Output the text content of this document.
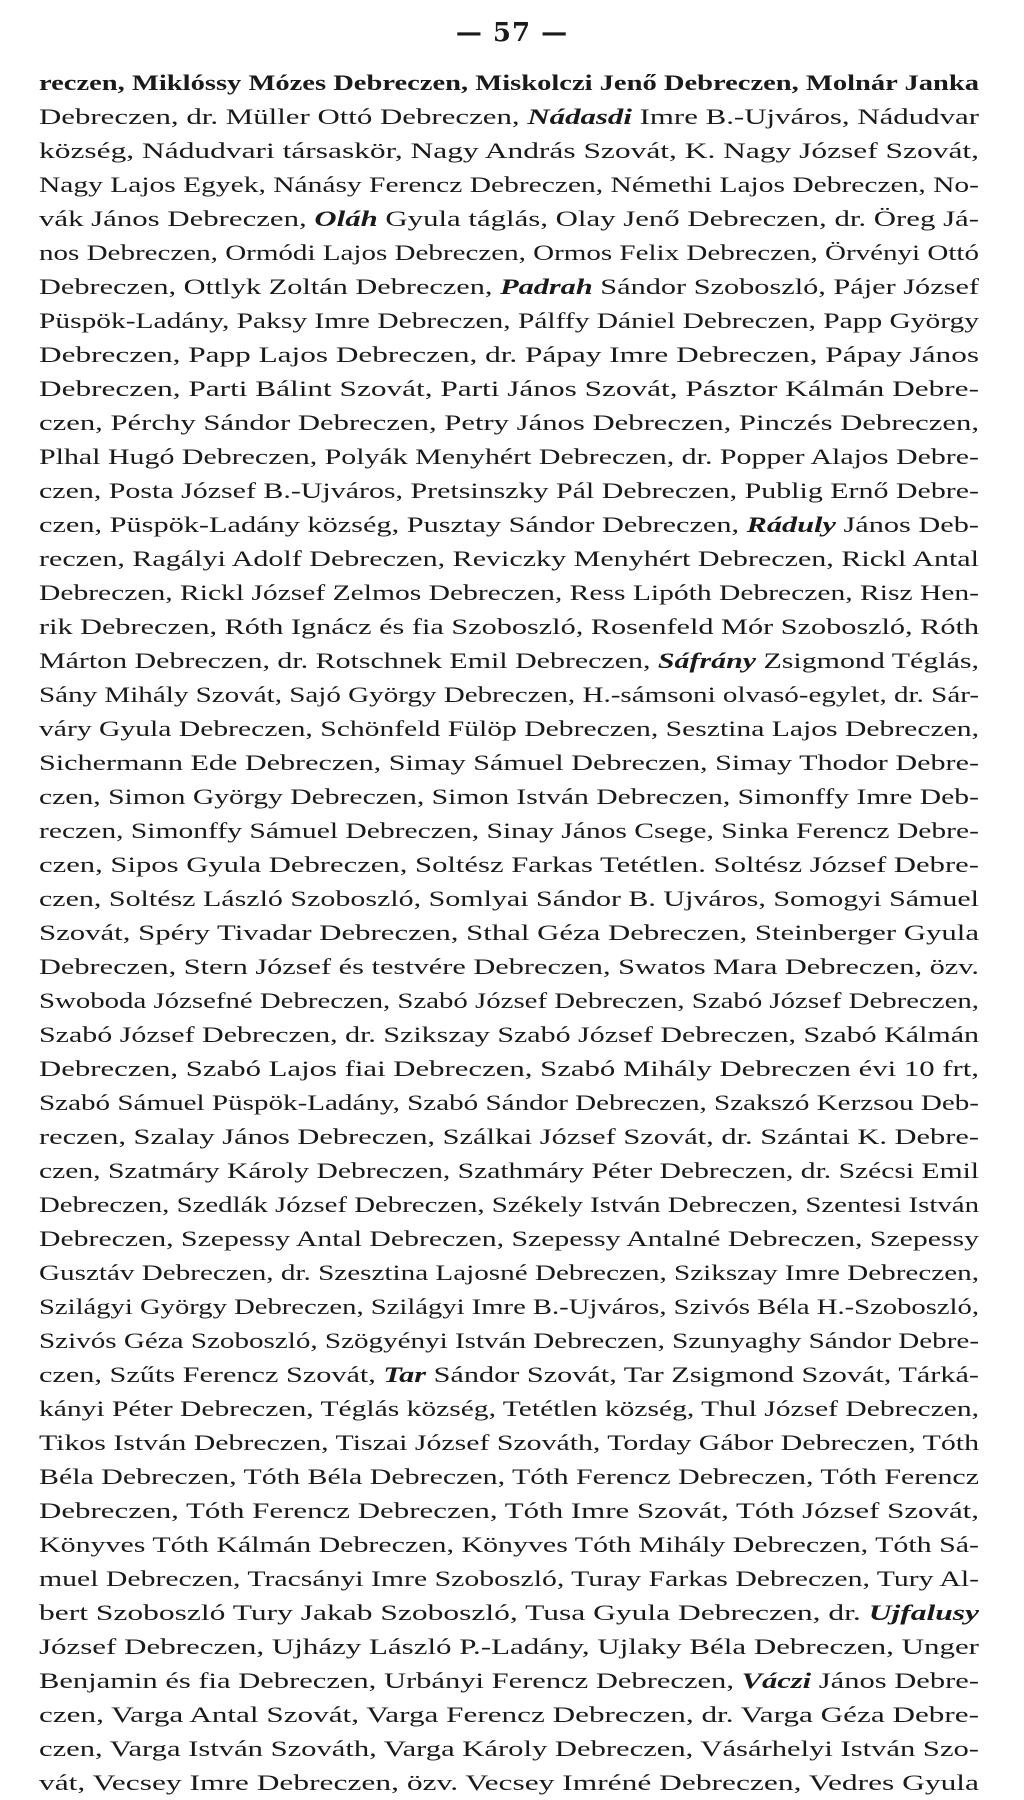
— 57 —
reczen, Miklóssy Mózes Debreczen, Miskolczi Jenő Debreczen, Molnár Janka
Debreczen, dr. Müller Ottó Debreczen, Nádasdi Imre B.-Ujváros, Nádudvar
község, Nádudvari társaskör, Nagy András Szovát, K. Nagy József Szovát,
Nagy Lajos Egyek, Nánásy Ferencz Debreczen, Némethi Lajos Debreczen, No-
vák János Debreczen, Oláh Gyula táglás, Olay Jenő Debreczen, dr. Öreg Já-
nos Debreczen, Ormódi Lajos Debreczen, Ormos Felix Debreczen, Örvényi Ottó
Debreczen, Ottlyk Zoltán Debreczen, Padrah Sándor Szoboszló, Pájer József
Püspök-Ladány, Paksy Imre Debreczen, Pálffy Dániel Debreczen, Papp György
Debreczen, Papp Lajos Debreczen, dr. Pápay Imre Debreczen, Pápay János
Debreczen, Parti Bálint Szovát, Parti János Szovát, Pásztor Kálmán Debre-
czen, Pérchy Sándor Debreczen, Petry János Debreczen, Pinczés Debreczen,
Plhal Hugó Debreczen, Polyák Menyhért Debreczen, dr. Popper Alajos Debre-
czen, Posta József B.-Ujváros, Pretsinszky Pál Debreczen, Publig Ernő Debre-
czen, Püspök-Ladány község, Pusztay Sándor Debreczen, Ráduly János Deb-
reczen, Ragályi Adolf Debreczen, Reviczky Menyhért Debreczen, Rickl Antal
Debreczen, Rickl József Zelmos Debreczen, Ress Lipóth Debreczen, Risz Hen-
rik Debreczen, Róth Ignácz és fia Szoboszló, Rosenfeld Mór Szoboszló, Róth
Márton Debreczen, dr. Rotschnek Emil Debreczen, Sáfrány Zsigmond Téglás,
Sány Mihály Szovát, Sajó György Debreczen, H.-sámsoni olvasó-egylet, dr. Sár-
váry Gyula Debreczen, Schönfeld Fülöp Debreczen, Sesztina Lajos Debreczen,
Sichermann Ede Debreczen, Simay Sámuel Debreczen, Simay Thodor Debre-
czen, Simon György Debreczen, Simon István Debreczen, Simonffy Imre Deb-
reczen, Simonffy Sámuel Debreczen, Sinay János Csege, Sinka Ferencz Debre-
czen, Sipos Gyula Debreczen, Soltész Farkas Tetétlen. Soltész József Debre-
czen, Soltész László Szoboszló, Somlyai Sándor B. Ujváros, Somogyi Sámuel
Szovát, Spéry Tivadar Debreczen, Sthal Géza Debreczen, Steinberger Gyula
Debreczen, Stern József és testvére Debreczen, Swatos Mara Debreczen, özv.
Swoboda Józsefné Debreczen, Szabó József Debreczen, Szabó József Debreczen,
Szabó József Debreczen, dr. Szikszay Szabó József Debreczen, Szabó Kálmán
Debreczen, Szabó Lajos fiai Debreczen, Szabó Mihály Debreczen évi 10 frt,
Szabó Sámuel Püspök-Ladány, Szabó Sándor Debreczen, Szakszó Kerzsou Deb-
reczen, Szalay János Debreczen, Szálkai József Szovát, dr. Szántai K. Debre-
czen, Szatmáry Károly Debreczen, Szathmáry Péter Debreczen, dr. Szécsi Emil
Debreczen, Szedlák József Debreczen, Székely István Debreczen, Szentesi István
Debreczen, Szepessy Antal Debreczen, Szepessy Antalné Debreczen, Szepessy
Gusztáv Debreczen, dr. Szesztina Lajosné Debreczen, Szikszay Imre Debreczen,
Szilágyi György Debreczen, Szilágyi Imre B.-Ujváros, Szivós Béla H.-Szoboszló,
Szivós Géza Szoboszló, Szögyényi István Debreczen, Szunyaghy Sándor Debre-
czen, Szűts Ferencz Szovát, Tar Sándor Szovát, Tar Zsigmond Szovát, Tárká-
kányi Péter Debreczen, Téglás község, Tetétlen község, Thul József Debreczen,
Tikos István Debreczen, Tiszai József Szováth, Torday Gábor Debreczen, Tóth
Béla Debreczen, Tóth Béla Debreczen, Tóth Ferencz Debreczen, Tóth Ferencz
Debreczen, Tóth Ferencz Debreczen, Tóth Imre Szovát, Tóth József Szovát,
Könyves Tóth Kálmán Debreczen, Könyves Tóth Mihály Debreczen, Tóth Sá-
muel Debreczen, Tracsányi Imre Szoboszló, Turay Farkas Debreczen, Tury Al-
bert Szoboszló Tury Jakab Szoboszló, Tusa Gyula Debreczen, dr. Ujfalusy
József Debreczen, Ujházy László P.-Ladány, Ujlaky Béla Debreczen, Unger
Benjamin és fia Debreczen, Urbányi Ferencz Debreczen, Váczi János Debre-
czen, Varga Antal Szovát, Varga Ferencz Debreczen, dr. Varga Géza Debre-
czen, Varga István Szováth, Varga Károly Debreczen, Vásárhelyi István Szo-
vát, Vecsey Imre Debreczen, özv. Vecsey Imréné Debreczen, Vedres Gyula
